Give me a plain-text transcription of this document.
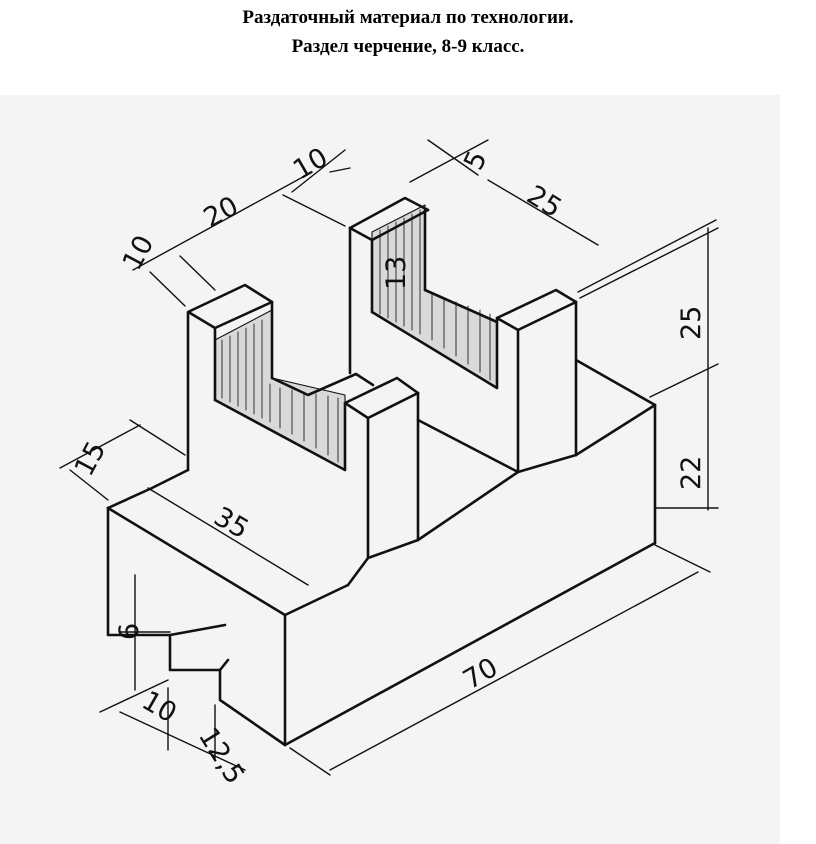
Раздаточный материал по технологии.
Раздел черчение, 8-9 класс.
10
20
10	5
25
13
25
22
15
35
6
10
12,5
70
